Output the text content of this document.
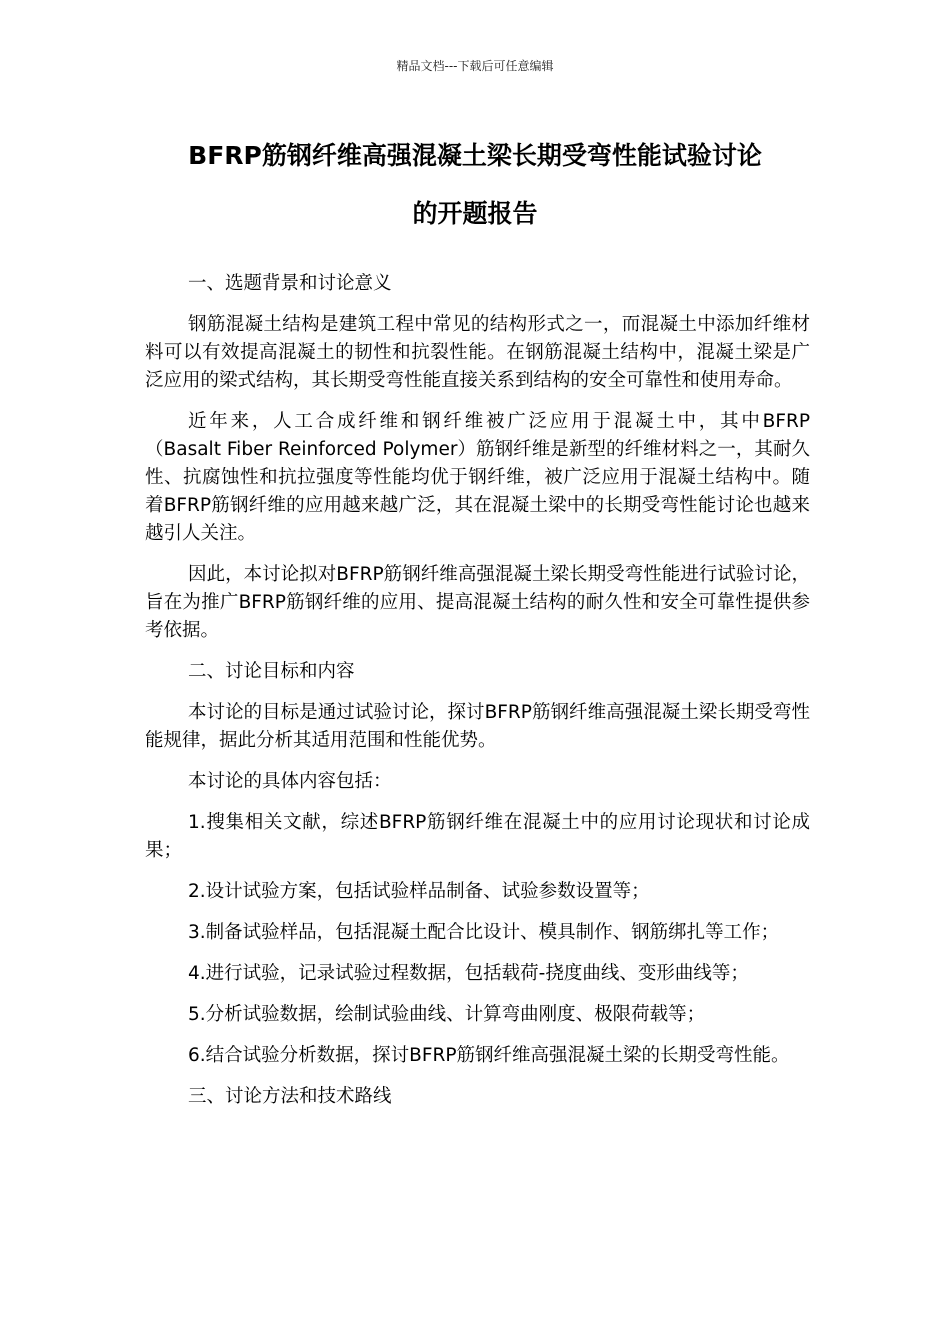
精品文档---下载后可任意编辑
BFRP筋钢纤维高强混凝土梁长期受弯性能试验讨论
的开题报告

一、选题背景和讨论意义

钢筋混凝土结构是建筑工程中常见的结构形式之一，而混凝土中添加纤维材料可以有效提高混凝土的韧性和抗裂性能。在钢筋混凝土结构中，混凝土梁是广泛应用的梁式结构，其长期受弯性能直接关系到结构的安全可靠性和使用寿命。

近年来，人工合成纤维和钢纤维被广泛应用于混凝土中，其中BFRP（Basalt Fiber Reinforced Polymer）筋钢纤维是新型的纤维材料之一，其耐久性、抗腐蚀性和抗拉强度等性能均优于钢纤维，被广泛应用于混凝土结构中。随着BFRP筋钢纤维的应用越来越广泛，其在混凝土梁中的长期受弯性能讨论也越来越引人关注。

因此，本讨论拟对BFRP筋钢纤维高强混凝土梁长期受弯性能进行试验讨论，旨在为推广BFRP筋钢纤维的应用、提高混凝土结构的耐久性和安全可靠性提供参考依据。

二、讨论目标和内容

本讨论的目标是通过试验讨论，探讨BFRP筋钢纤维高强混凝土梁长期受弯性能规律，据此分析其适用范围和性能优势。

本讨论的具体内容包括：

1.搜集相关文献，综述BFRP筋钢纤维在混凝土中的应用讨论现状和讨论成果；

2.设计试验方案，包括试验样品制备、试验参数设置等；

3.制备试验样品，包括混凝土配合比设计、模具制作、钢筋绑扎等工作；

4.进行试验，记录试验过程数据，包括载荷-挠度曲线、变形曲线等；

5.分析试验数据，绘制试验曲线、计算弯曲刚度、极限荷载等；

6.结合试验分析数据，探讨BFRP筋钢纤维高强混凝土梁的长期受弯性能。

三、讨论方法和技术路线
